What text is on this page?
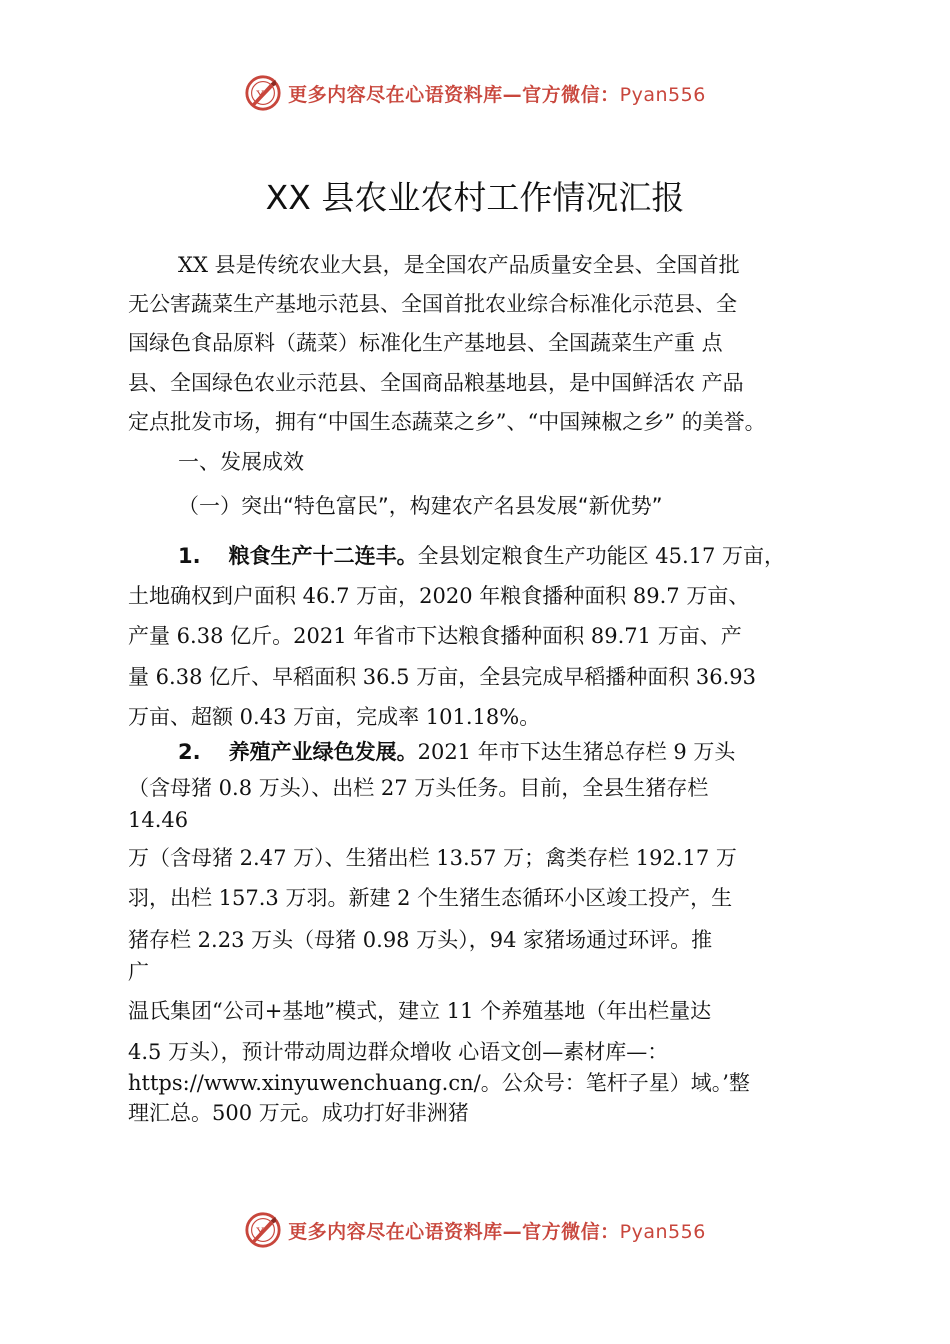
Y 更多内容尽在心语资料库—官方微信：Pyan556
XX 县农业农村工作情况汇报
XX 县是传统农业大县，是全国农产品质量安全县、全国首批
无公害蔬菜生产基地示范县、全国首批农业综合标准化示范县、全
国绿色食品原料（蔬菜）标准化生产基地县、全国蔬菜生产重 点
县、全国绿色农业示范县、全国商品粮基地县，是中国鲜活农 产品
定点批发市场，拥有“中国生态蔬菜之乡”、“中国辣椒之乡” 的美誉。
一、发展成效
（一）突出“特色富民”，构建农产名县发展“新优势”
1. 粮食生产十二连丰。全县划定粮食生产功能区 45.17 万亩，
土地确权到户面积 46.7 万亩，2020 年粮食播种面积 89.7 万亩、
产量 6.38 亿斤。2021 年省市下达粮食播种面积 89.71 万亩、产
量 6.38 亿斤、早稻面积 36.5 万亩，全县完成早稻播种面积 36.93
万亩、超额 0.43 万亩，完成率 101.18%。
2. 养殖产业绿色发展。2021 年市下达生猪总存栏 9 万头
（含母猪 0.8 万头）、出栏 27 万头任务。目前，全县生猪存栏
14.46
万（含母猪 2.47 万）、生猪出栏 13.57 万；禽类存栏 192.17 万
羽，出栏 157.3 万羽。新建 2 个生猪生态循环小区竣工投产，生
猪存栏 2.23 万头（母猪 0.98 万头），94 家猪场通过环评。推
广
温氏集团“公司+基地”模式，建立 11 个养殖基地（年出栏量达
4.5 万头），预计带动周边群众增收 心语文创—素材库—：
https://www.xinyuwenchuang.cn/。公众号：笔杆子星）域。’整
理汇总。500 万元。成功打好非洲猪
Y 更多内容尽在心语资料库—官方微信：Pyan556
